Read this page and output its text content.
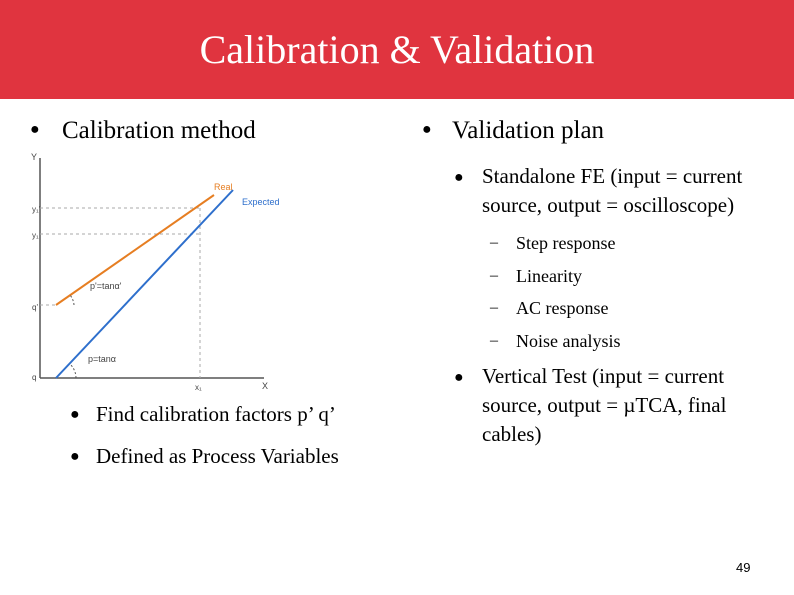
Calibration & Validation
● Calibration method
Y
X
y₁'
y₁
q'
q
x₁
Real
Expected
p'=tanα'
p=tanα
● Find calibration factors p’ q’
● Defined as Process Variables
● Validation plan
● Standalone FE (input = current
source, output = oscilloscope)
– Step response
– Linearity
– AC response
– Noise analysis
● Vertical Test (input = current
source, output = µTCA, final
cables)
49
